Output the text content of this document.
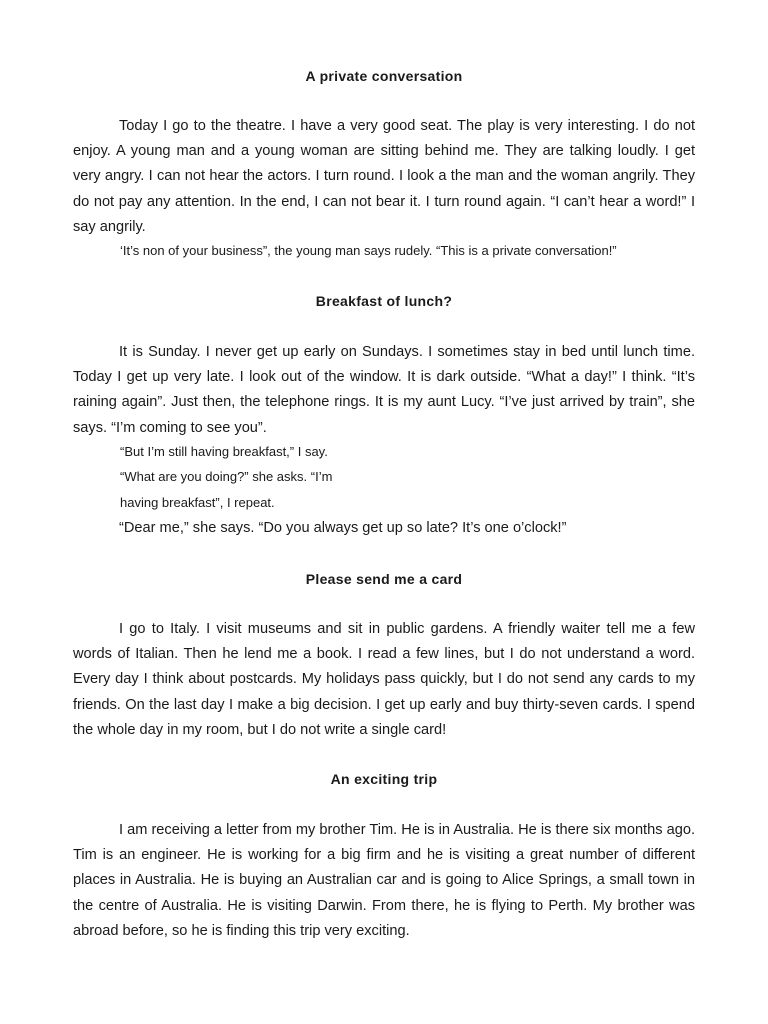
A private conversation
Today I go to the theatre. I have a very good seat. The play is very interesting. I do not enjoy. A young man and a young woman are sitting behind me. They are talking loudly. I get very angry. I can not hear the actors. I turn round. I look a the man and the woman angrily. They do not pay any attention. In the end, I can not bear it. I turn round again. “I can’t hear a word!” I say angrily.
‘It’s non of your business”, the young man says rudely. “This is a private conversation!”
Breakfast of lunch?
It is Sunday. I never get up early on Sundays. I sometimes stay in bed until lunch time. Today I get up very late. I look out of the window. It is dark outside. “What a day!” I think. “It’s raining again”. Just then, the telephone rings. It is my aunt Lucy. “I’ve just arrived by train”, she says. “I’m coming to see you”.
“But I’m still having breakfast,” I say.
“What are you doing?” she asks. “I’m
having breakfast”, I repeat.
“Dear me,” she says. “Do you always get up so late? It’s one o’clock!”
Please send me a card
I go to Italy. I visit museums and sit in public gardens. A friendly waiter tell me a few words of Italian. Then he lend me a book. I read a few lines, but I do not understand a word. Every day I think about postcards. My holidays pass quickly, but I do not send any cards to my friends. On the last day I make a big decision. I get up early and buy thirty-seven cards. I spend the whole day in my room, but I do not write a single card!
An exciting trip
I am receiving a letter from my brother Tim. He is in Australia. He is there six months ago. Tim is an engineer. He is working for a big firm and he is visiting a great number of different places in Australia. He is buying an Australian car and is going to Alice Springs, a small town in the centre of Australia. He is visiting Darwin. From there, he is flying to Perth. My brother was abroad before, so he is finding this trip very exciting.
